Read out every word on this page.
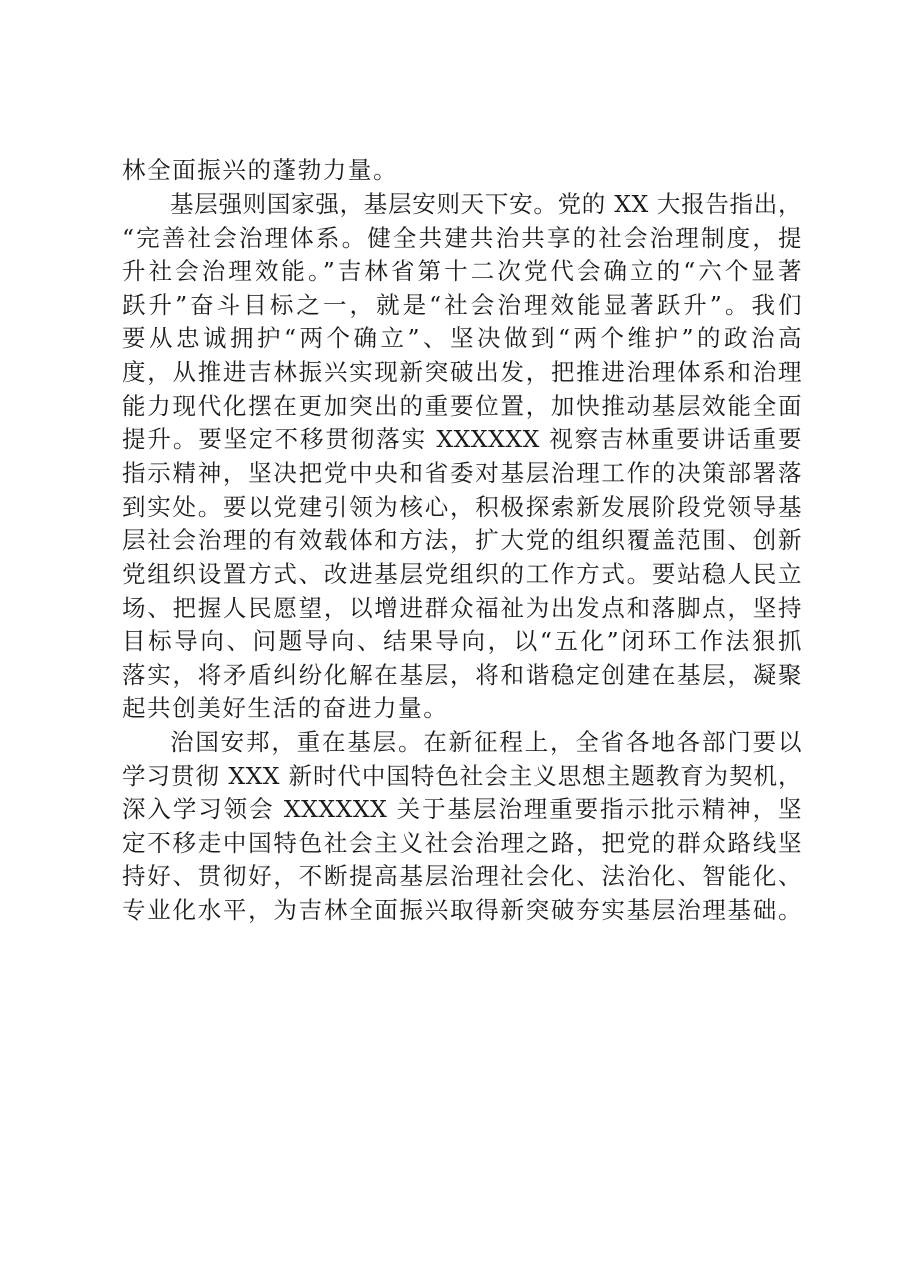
林全面振兴的蓬勃力量。
基层强则国家强，基层安则天下安。党的 XX 大报告指出，
“完善社会治理体系。健全共建共治共享的社会治理制度，提
升社会治理效能。”吉林省第十二次党代会确立的“六个显著
跃升”奋斗目标之一，就是“社会治理效能显著跃升”。我们
要从忠诚拥护“两个确立”、坚决做到“两个维护”的政治高
度，从推进吉林振兴实现新突破出发，把推进治理体系和治理
能力现代化摆在更加突出的重要位置，加快推动基层效能全面
提升。要坚定不移贯彻落实 XXXXXX 视察吉林重要讲话重要
指示精神，坚决把党中央和省委对基层治理工作的决策部署落
到实处。要以党建引领为核心，积极探索新发展阶段党领导基
层社会治理的有效载体和方法，扩大党的组织覆盖范围、创新
党组织设置方式、改进基层党组织的工作方式。要站稳人民立
场、把握人民愿望，以增进群众福祉为出发点和落脚点，坚持
目标导向、问题导向、结果导向，以“五化”闭环工作法狠抓
落实，将矛盾纠纷化解在基层，将和谐稳定创建在基层，凝聚
起共创美好生活的奋进力量。
治国安邦，重在基层。在新征程上，全省各地各部门要以
学习贯彻 XXX 新时代中国特色社会主义思想主题教育为契机，
深入学习领会 XXXXXX 关于基层治理重要指示批示精神，坚
定不移走中国特色社会主义社会治理之路，把党的群众路线坚
持好、贯彻好，不断提高基层治理社会化、法治化、智能化、
专业化水平，为吉林全面振兴取得新突破夯实基层治理基础。
